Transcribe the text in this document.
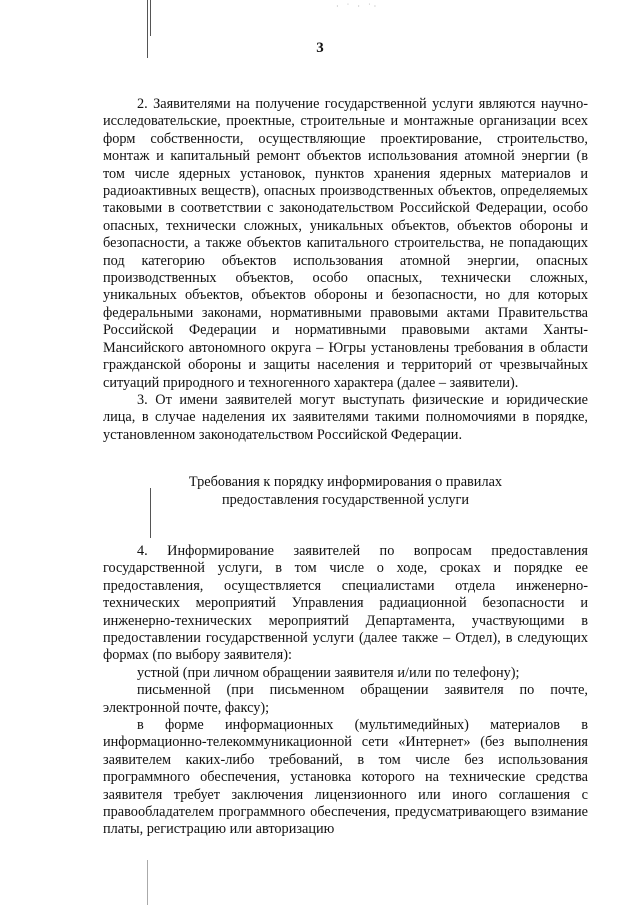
· ˙ · ˙·
3

2. Заявителями на получение государственной услуги являются научно-исследовательские, проектные, строительные и монтажные организации всех форм собственности, осуществляющие проектирование, строительство, монтаж и капитальный ремонт объектов использования атомной энергии (в том числе ядерных установок, пунктов хранения ядерных материалов и радиоактивных веществ), опасных производственных объектов, определяемых таковыми в соответствии с законодательством Российской Федерации, особо опасных, технически сложных, уникальных объектов, объектов обороны и безопасности, а также объектов капитального строительства, не попадающих под категорию объектов использования атомной энергии, опасных производственных объектов, особо опасных, технически сложных, уникальных объектов, объектов обороны и безопасности, но для которых федеральными законами, нормативными правовыми актами Правительства Российской Федерации и нормативными правовыми актами Ханты-Мансийского автономного округа – Югры установлены требования в области гражданской обороны и защиты населения и территорий от чрезвычайных ситуаций природного и техногенного характера (далее – заявители).

3. От имени заявителей могут выступать физические и юридические лица, в случае наделения их заявителями такими полномочиями в порядке, установленном законодательством Российской Федерации.

Требования к порядку информирования о правилах предоставления государственной услуги

4. Информирование заявителей по вопросам предоставления государственной услуги, в том числе о ходе, сроках и порядке ее предоставления, осуществляется специалистами отдела инженерно-технических мероприятий Управления радиационной безопасности и инженерно-технических мероприятий Департамента, участвующими в предоставлении государственной услуги (далее также – Отдел), в следующих формах (по выбору заявителя):

устной (при личном обращении заявителя и/или по телефону);

письменной (при письменном обращении заявителя по почте, электронной почте, факсу);

в форме информационных (мультимедийных) материалов в информационно-телекоммуникационной сети «Интернет» (без выполнения заявителем каких-либо требований, в том числе без использования программного обеспечения, установка которого на технические средства заявителя требует заключения лицензионного или иного соглашения с правообладателем программного обеспечения, предусматривающего взимание платы, регистрацию или авторизацию
